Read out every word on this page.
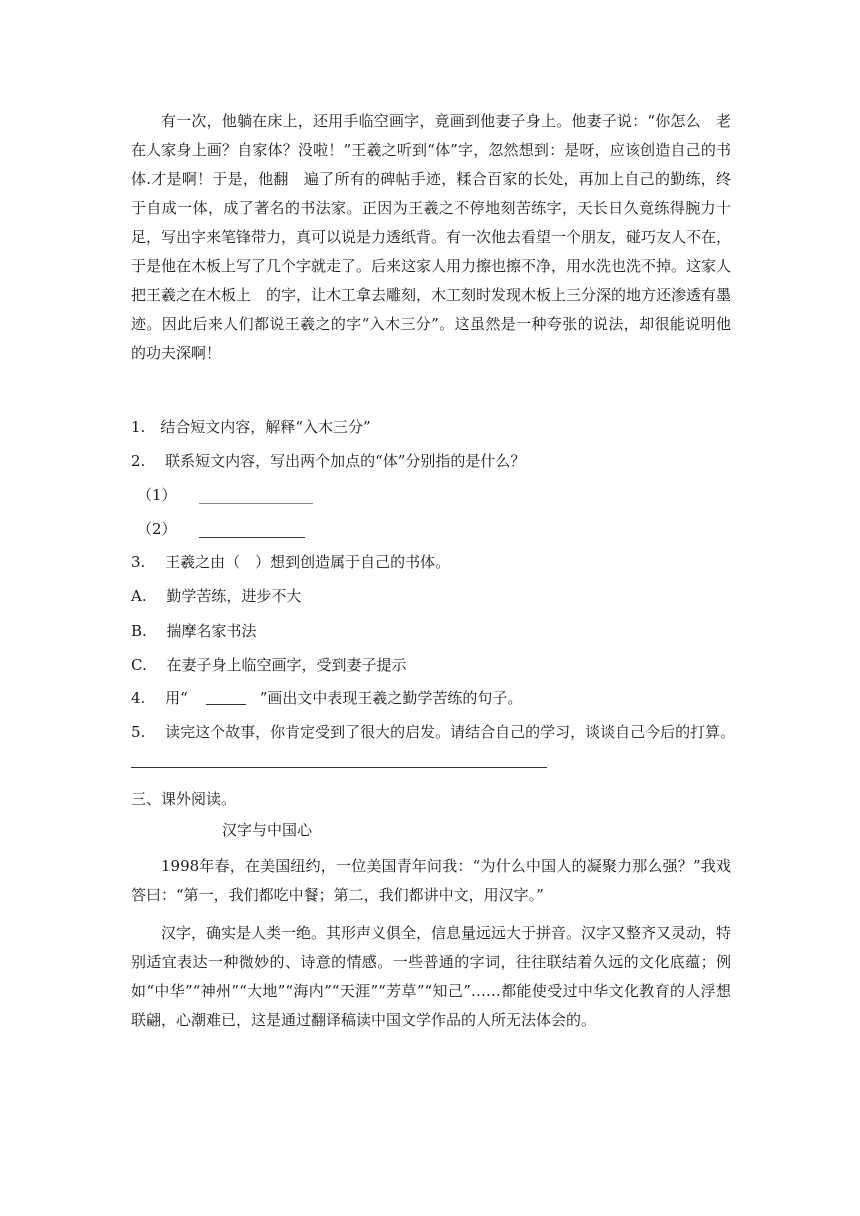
有一次，他躺在床上，还用手临空画字，竟画到他妻子身上。他妻子说：“你怎么　老在人家身上画？自家体？没啦！”王羲之听到“体”字，忽然想到：是呀，应该创造自己的书体.才是啊！于是，他翻　遍了所有的碑帖手迹，糅合百家的长处，再加上自己的勤练，终于自成一体，成了著名的书法家。正因为王羲之不停地刻苦练字，天长日久竟练得腕力十足，写出字来笔锋带力，真可以说是力透纸背。有一次他去看望一个朋友，碰巧友人不在，于是他在木板上写了几个字就走了。后来这家人用力擦也擦不净，用水洗也洗不掉。这家人把王羲之在木板上　的字，让木工拿去雕刻，木工刻时发现木板上三分深的地方还渗透有墨迹。因此后来人们都说王羲之的字“入木三分”。这虽然是一种夸张的说法，却很能说明他的功夫深啊！

1.　结合短文内容，解释“入木三分”
2.　 联系短文内容，写出两个加点的“体”分别指的是什么？
（1）
（2）
3.　 王羲之由（　）想到创造属于自己的书体。
A.　 勤学苦练，进步不大
B.　 揣摩名家书法
C.　 在妻子身上临空画字，受到妻子提示
4.　 用“	”画出文中表现王羲之勤学苦练的句子。
5.　 读完这个故事，你肯定受到了很大的启发。请结合自己的学习，谈谈自己今后的打算。
三、课外阅读。
汉字与中国心

1998年春，在美国纽约，一位美国青年问我：“为什么中国人的凝聚力那么强？”我戏答曰：“第一，我们都吃中餐；第二，我们都讲中文，用汉字。”

汉字，确实是人类一绝。其形声义俱全，信息量远远大于拼音。汉字又整齐又灵动，特别适宜表达一种微妙的、诗意的情感。一些普通的字词，往往联结着久远的文化底蕴；例如“中华”“神州”“大地”“海内”“天涯”“芳草”“知己”……都能使受过中华文化教育的人浮想联翩，心潮难已，这是通过翻译稿读中国文学作品的人所无法体会的。
